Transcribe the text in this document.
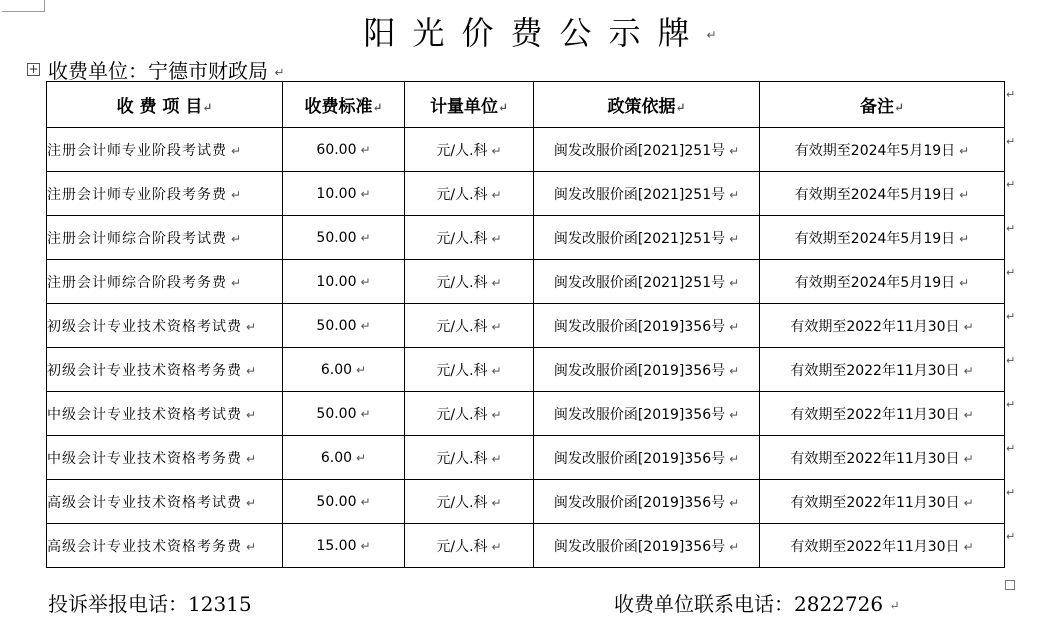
阳光价费公示牌↵
+ 收费单位：宁德市财政局 ↵
收 费 项 目↵	收费标准↵	计量单位↵	政策依据↵	备注↵
注册会计师专业阶段考试费 ↵	60.00 ↵	元/人.科 ↵	闽发改服价函[2021]251号 ↵	有效期至2024年5月19日 ↵
注册会计师专业阶段考务费 ↵	10.00 ↵	元/人.科 ↵	闽发改服价函[2021]251号 ↵	有效期至2024年5月19日 ↵
注册会计师综合阶段考试费 ↵	50.00 ↵	元/人.科 ↵	闽发改服价函[2021]251号 ↵	有效期至2024年5月19日 ↵
注册会计师综合阶段考务费 ↵	10.00 ↵	元/人.科 ↵	闽发改服价函[2021]251号 ↵	有效期至2024年5月19日 ↵
初级会计专业技术资格考试费 ↵	50.00 ↵	元/人.科 ↵	闽发改服价函[2019]356号 ↵	有效期至2022年11月30日 ↵
初级会计专业技术资格考务费 ↵	6.00 ↵	元/人.科 ↵	闽发改服价函[2019]356号 ↵	有效期至2022年11月30日 ↵
中级会计专业技术资格考试费 ↵	50.00 ↵	元/人.科 ↵	闽发改服价函[2019]356号 ↵	有效期至2022年11月30日 ↵
中级会计专业技术资格考务费 ↵	6.00 ↵	元/人.科 ↵	闽发改服价函[2019]356号 ↵	有效期至2022年11月30日 ↵
高级会计专业技术资格考试费 ↵	50.00 ↵	元/人.科 ↵	闽发改服价函[2019]356号 ↵	有效期至2022年11月30日 ↵
高级会计专业技术资格考务费 ↵	15.00 ↵	元/人.科 ↵	闽发改服价函[2019]356号 ↵	有效期至2022年11月30日 ↵
↵
↵
↵
↵
↵
↵
↵
↵
↵
↵
↵
投诉举报电话：12315	收费单位联系电话：2822726 ↵
